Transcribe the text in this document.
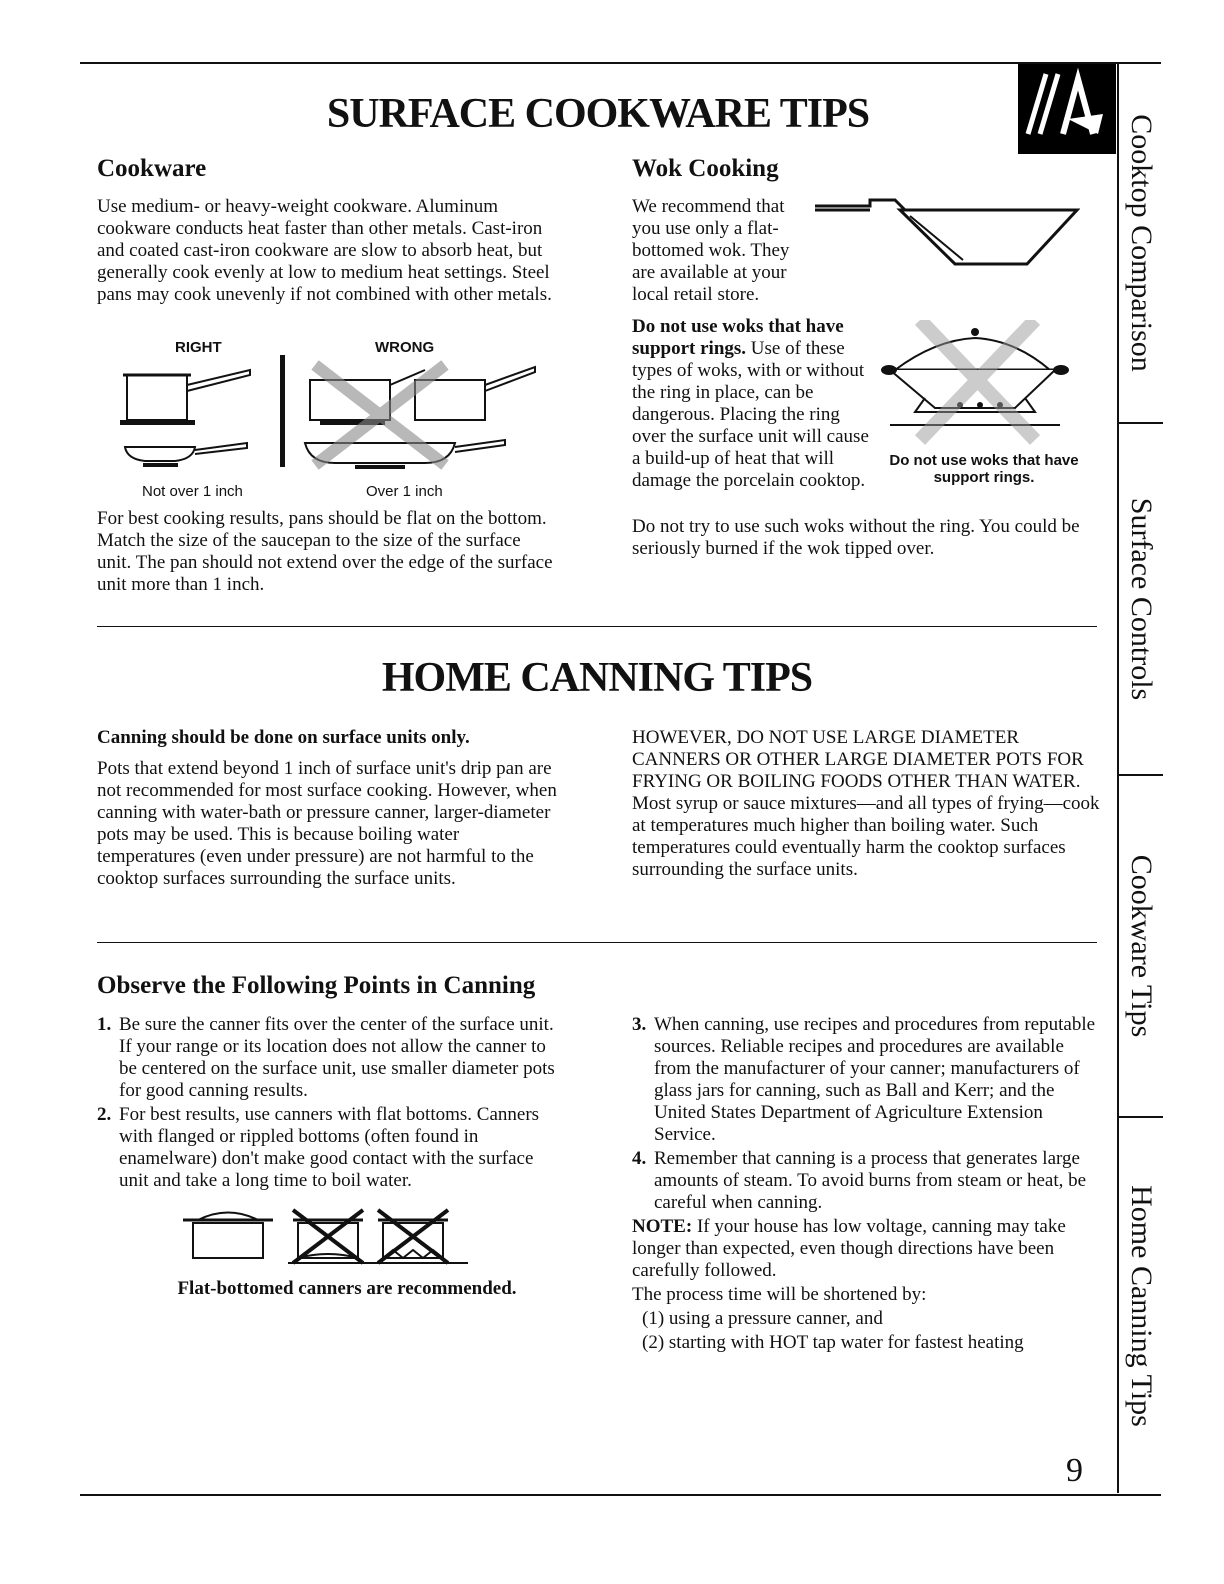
Cooktop Comparison
Surface Controls
Cookware Tips
Home Canning Tips
SURFACE COOKWARE TIPS
Cookware
Use medium- or heavy-weight cookware. Aluminum cookware conducts heat faster than other metals. Cast-iron and coated cast-iron cookware are slow to absorb heat, but generally cook evenly at low to medium heat settings. Steel pans may cook unevenly if not combined with other metals.
RIGHT	WRONG
Not over 1 inch	Over 1 inch
For best cooking results, pans should be flat on the bottom. Match the size of the saucepan to the size of the surface unit. The pan should not extend over the edge of the surface unit more than 1 inch.
Wok Cooking
We recommend that you use only a flat-bottomed wok. They are available at your local retail store.
Do not use woks that have support rings. Use of these types of woks, with or without the ring in place, can be dangerous. Placing the ring over the surface unit will cause a build-up of heat that will damage the porcelain cooktop.
Do not use woks that have support rings.
Do not try to use such woks without the ring. You could be seriously burned if the wok tipped over.
HOME CANNING TIPS
Canning should be done on surface units only.
Pots that extend beyond 1 inch of surface unit's drip pan are not recommended for most surface cooking. However, when canning with water-bath or pressure canner, larger-diameter pots may be used. This is because boiling water temperatures (even under pressure) are not harmful to the cooktop surfaces surrounding the surface units.
HOWEVER, DO NOT USE LARGE DIAMETER CANNERS OR OTHER LARGE DIAMETER POTS FOR FRYING OR BOILING FOODS OTHER THAN WATER. Most syrup or sauce mixtures—and all types of frying—cook at temperatures much higher than boiling water. Such temperatures could eventually harm the cooktop surfaces surrounding the surface units.
Observe the Following Points in Canning
1. Be sure the canner fits over the center of the surface unit. If your range or its location does not allow the canner to be centered on the surface unit, use smaller diameter pots for good canning results.
2. For best results, use canners with flat bottoms. Canners with flanged or rippled bottoms (often found in enamelware) don't make good contact with the surface unit and take a long time to boil water.
Flat-bottomed canners are recommended.
3. When canning, use recipes and procedures from reputable sources. Reliable recipes and procedures are available from the manufacturer of your canner; manufacturers of glass jars for canning, such as Ball and Kerr; and the United States Department of Agriculture Extension Service.
4. Remember that canning is a process that generates large amounts of steam. To avoid burns from steam or heat, be careful when canning.
NOTE: If your house has low voltage, canning may take longer than expected, even though directions have been carefully followed.
The process time will be shortened by:
(1) using a pressure canner, and
(2) starting with HOT tap water for fastest heating
9
